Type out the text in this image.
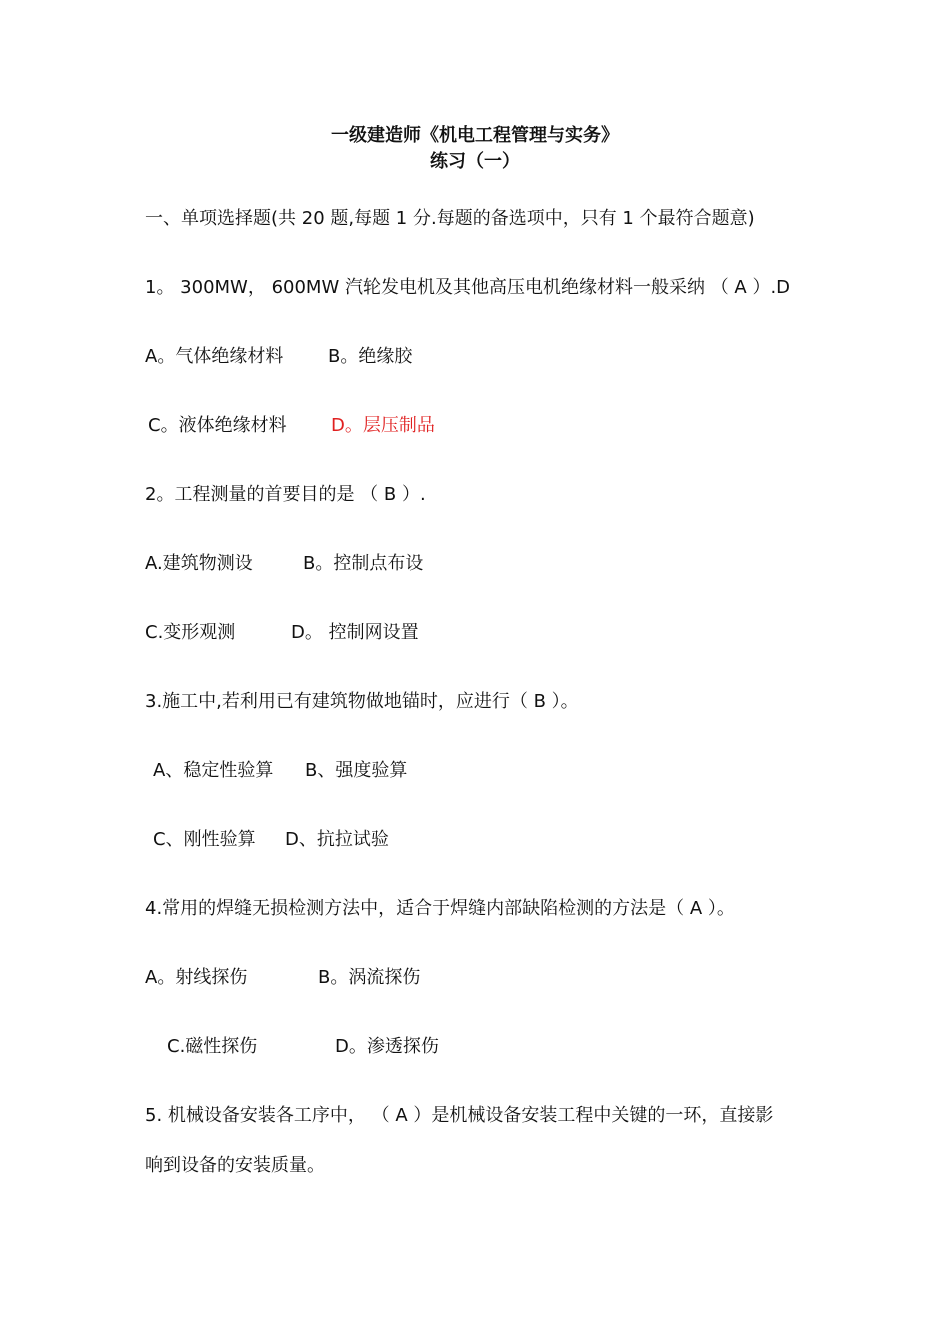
一级建造师《机电工程管理与实务》
练习（一）
一、单项选择题(共 20 题,每题 1 分.每题的备选项中，只有 1 个最符合题意)
1。 300MW， 600MW 汽轮发电机及其他高压电机绝缘材料一般采纳 （ A ）.D
A。气体绝缘材料 B。绝缘胶
C。液体绝缘材料 D。层压制品
2。工程测量的首要目的是 （ B ）.
A.建筑物测设	B。控制点布设
C.变形观测	D。 控制网设置
3.施工中,若利用已有建筑物做地锚时，应进行（ B ）。
A、稳定性验算 B、强度验算
C、刚性验算 D、抗拉试验
4.常用的焊缝无损检测方法中，适合于焊缝内部缺陷检测的方法是（ A ）。
A。射线探伤	B。涡流探伤
C.磁性探伤	D。渗透探伤
5. 机械设备安装各工序中， （ A ）是机械设备安装工程中关键的一环，直接影
响到设备的安装质量。
